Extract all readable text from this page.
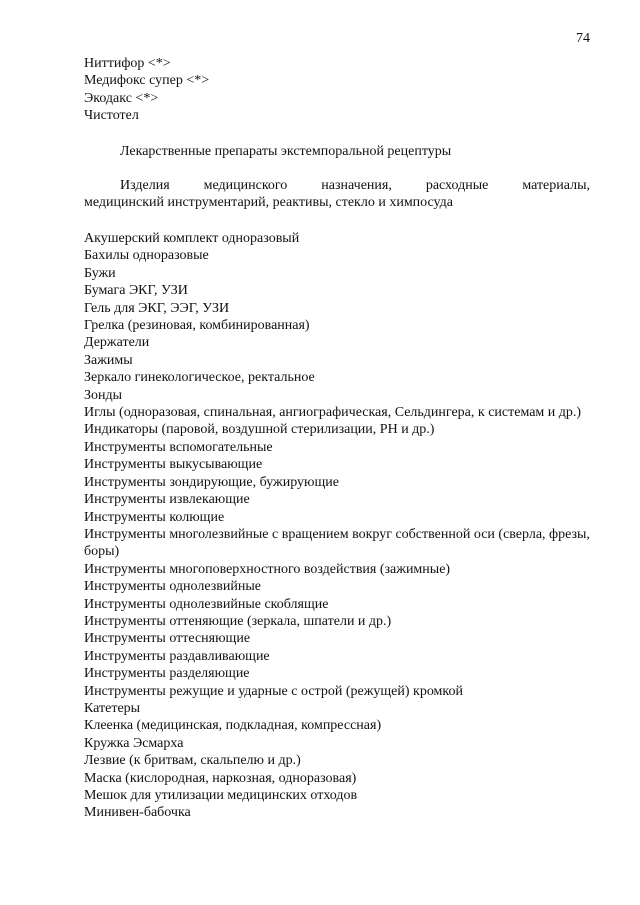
74
Ниттифор <*>
Медифокс супер <*>
Экодакс <*>
Чистотел
Лекарственные препараты экстемпоральной рецептуры
Изделия медицинского назначения, расходные материалы,
медицинский инструментарий, реактивы, стекло и химпосуда
Акушерский комплект одноразовый
Бахилы одноразовые
Бужи
Бумага ЭКГ, УЗИ
Гель для ЭКГ, ЭЭГ, УЗИ
Грелка (резиновая, комбинированная)
Держатели
Зажимы
Зеркало гинекологическое, ректальное
Зонды
Иглы (одноразовая, спинальная, ангиографическая, Сельдингера, к системам и др.)
Индикаторы (паровой, воздушной стерилизации, РН и др.)
Инструменты вспомогательные
Инструменты выкусывающие
Инструменты зондирующие, бужирующие
Инструменты извлекающие
Инструменты колющие
Инструменты многолезвийные с вращением вокруг собственной оси (сверла, фрезы, боры)
Инструменты многоповерхностного воздействия (зажимные)
Инструменты однолезвийные
Инструменты однолезвийные скоблящие
Инструменты оттеняющие (зеркала, шпатели и др.)
Инструменты оттесняющие
Инструменты раздавливающие
Инструменты разделяющие
Инструменты режущие и ударные с острой (режущей) кромкой
Катетеры
Клеенка (медицинская, подкладная, компрессная)
Кружка Эсмарха
Лезвие (к бритвам, скальпелю и др.)
Маска (кислородная, наркозная, одноразовая)
Мешок для утилизации медицинских отходов
Минивен-бабочка
